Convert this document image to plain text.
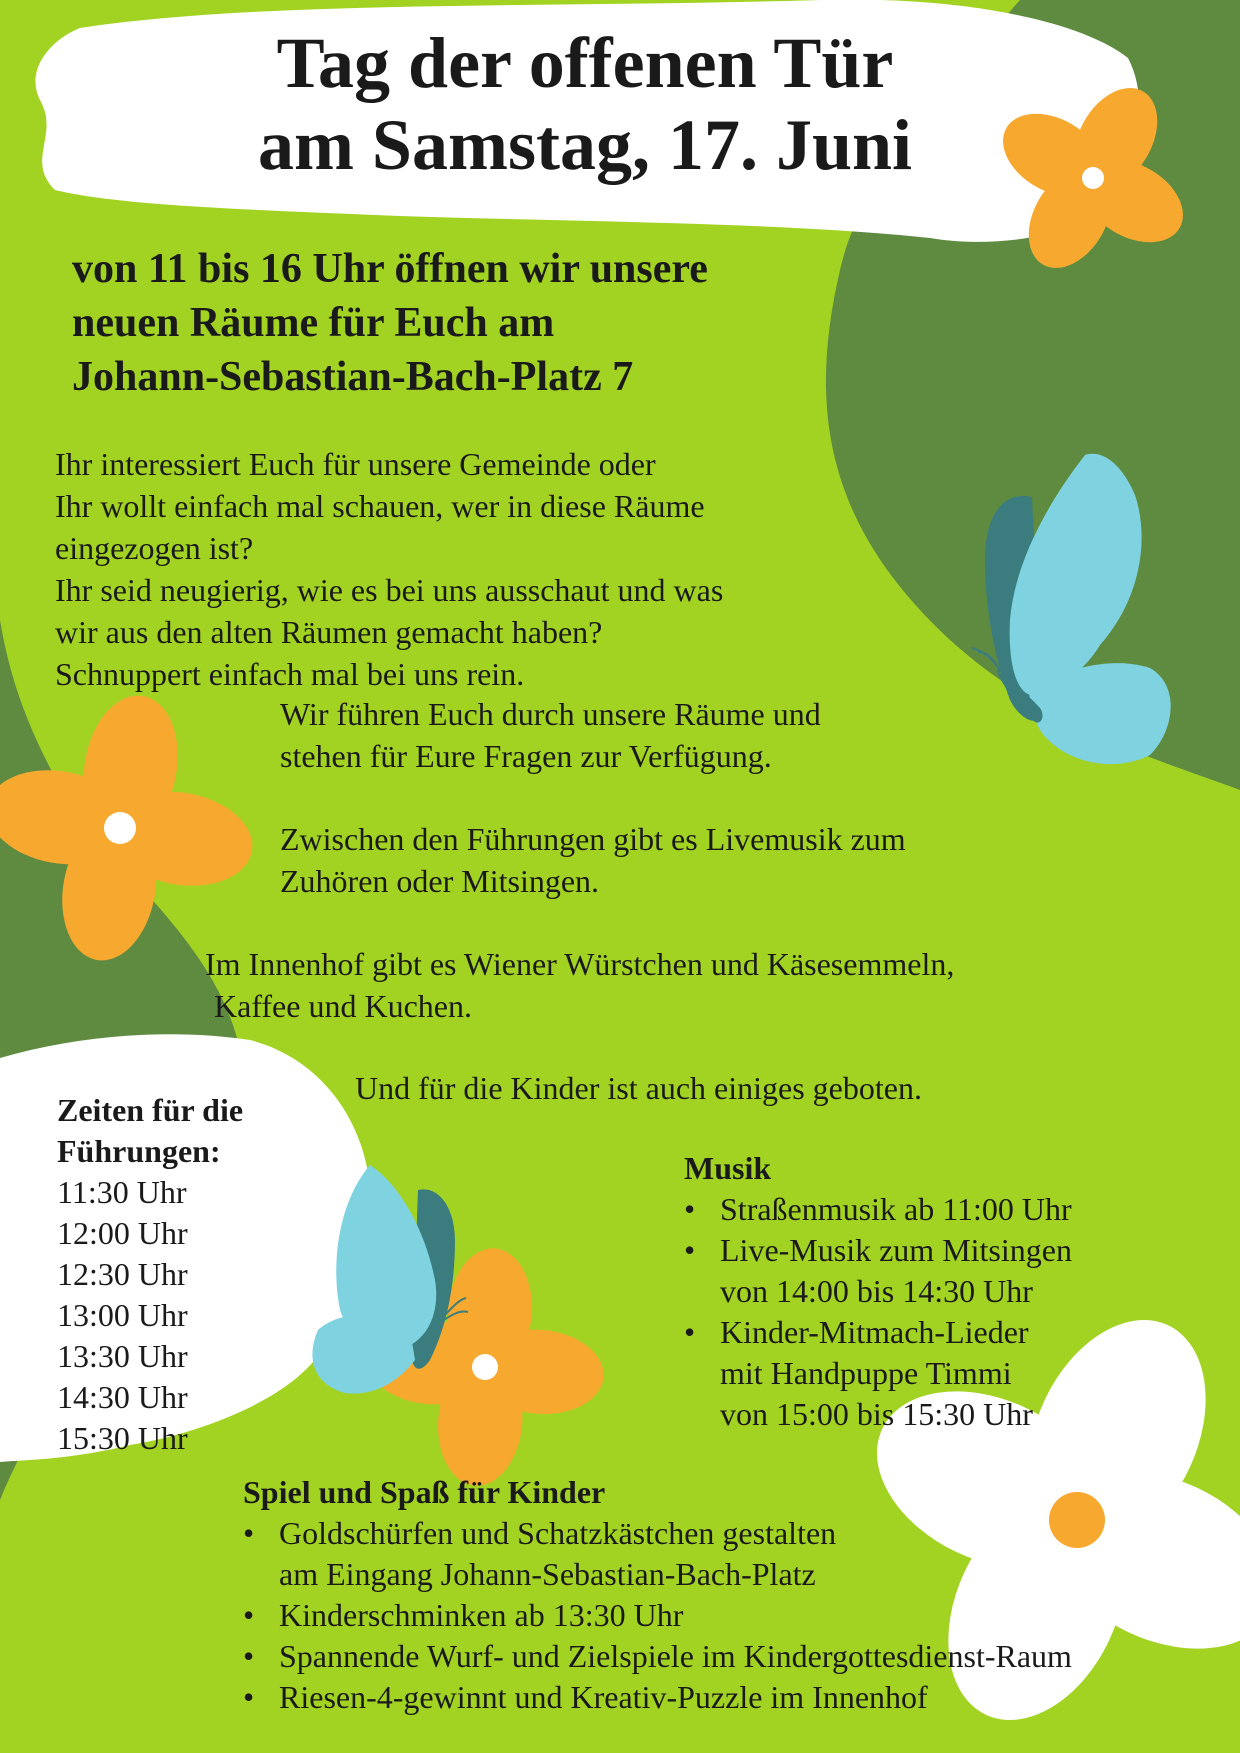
Tag der offenen Tür
am Samstag, 17. Juni
von 11 bis 16 Uhr öffnen wir unsere
neuen Räume für Euch am
Johann-Sebastian-Bach-Platz 7
Ihr interessiert Euch für unsere Gemeinde oder
Ihr wollt einfach mal schauen, wer in diese Räume
eingezogen ist?
Ihr seid neugierig, wie es bei uns ausschaut und was
wir aus den alten Räumen gemacht haben?
Schnuppert einfach mal bei uns rein.
Wir führen Euch durch unsere Räume und
stehen für Eure Fragen zur Verfügung.
Zwischen den Führungen gibt es Livemusik zum
Zuhören oder Mitsingen.
Im Innenhof gibt es Wiener Würstchen und Käsesemmeln,
Kaffee und Kuchen.
Und für die Kinder ist auch einiges geboten.
Zeiten für die
Führungen:
11:30 Uhr
12:00 Uhr
12:30 Uhr
13:00 Uhr
13:30 Uhr
14:30 Uhr
15:30 Uhr
Musik
• Straßenmusik ab 11:00 Uhr
• Live-Musik zum Mitsingen
von 14:00 bis 14:30 Uhr
• Kinder-Mitmach-Lieder
mit Handpuppe Timmi
von 15:00 bis 15:30 Uhr
Spiel und Spaß für Kinder
• Goldschürfen und Schatzkästchen gestalten
am Eingang Johann-Sebastian-Bach-Platz
• Kinderschminken ab 13:30 Uhr
• Spannende Wurf- und Zielspiele im Kindergottesdienst-Raum
• Riesen-4-gewinnt und Kreativ-Puzzle im Innenhof
